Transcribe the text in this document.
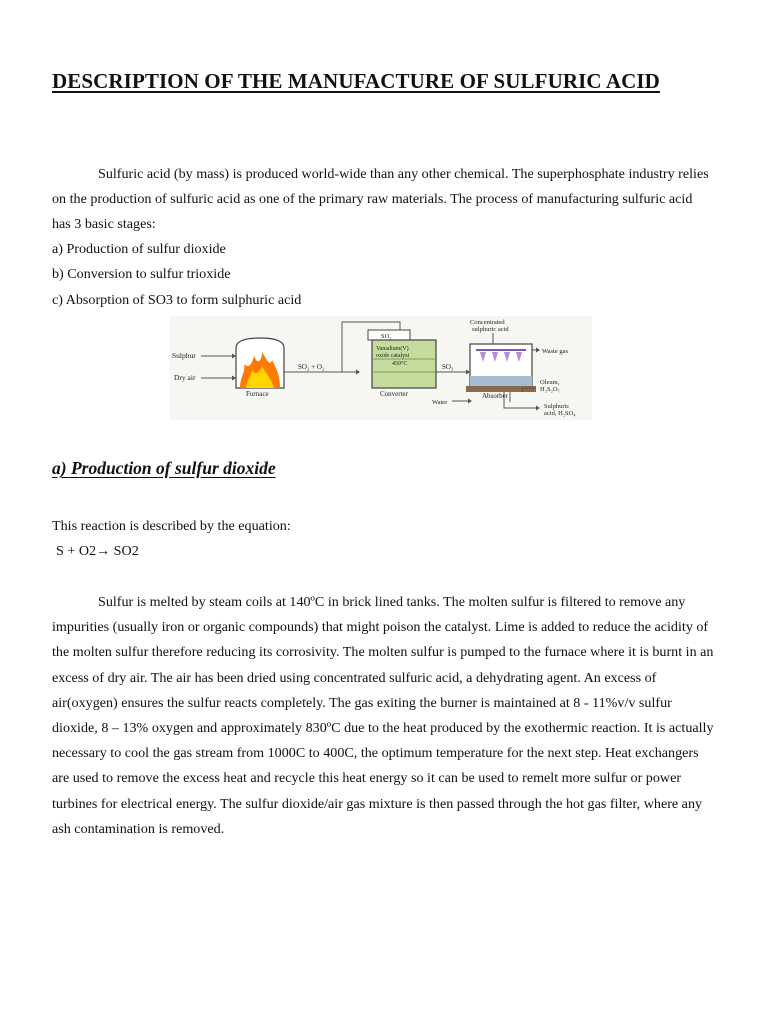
DESCRIPTION OF THE MANUFACTURE OF SULFURIC ACID

Sulfuric acid (by mass) is produced world-wide than any other chemical. The superphosphate industry relies on the production of sulfuric acid as one of the primary raw materials. The process of manufacturing sulfuric acid has 3 basic stages:

a) Production of sulfur dioxide

b) Conversion to sulfur trioxide

c) Absorption of SO3 to form sulphuric acid

Sulphur
Dry air
Furnace
SO₂ + O₂
SO₂
Vanadium(V)
oxide catalyst
450°C
Converter
SO₃
Concentrated
sulphuric acid
Waste gas
Absorber
Water
Oleum,
H₂S₂O₇
Sulphuric
acid, H₂SO₄
a) Production of sulfur dioxide

This reaction is described by the equation:

S + O2→ SO2

Sulfur is melted by steam coils at 140ºC in brick lined tanks. The molten sulfur is filtered to remove any impurities (usually iron or organic compounds) that might poison the catalyst. Lime is added to reduce the acidity of the molten sulfur therefore reducing its corrosivity. The molten sulfur is pumped to the furnace where it is burnt in an excess of dry air. The air has been dried using concentrated sulfuric acid, a dehydrating agent. An excess of air(oxygen) ensures the sulfur reacts completely. The gas exiting the burner is maintained at 8 - 11%v/v sulfur dioxide, 8 – 13% oxygen and approximately 830ºC due to the heat produced by the exothermic reaction. It is actually necessary to cool the gas stream from 1000C to 400C, the optimum temperature for the next step. Heat exchangers are used to remove the excess heat and recycle this heat energy so it can be used to remelt more sulfur or power turbines for electrical energy. The sulfur dioxide/air gas mixture is then passed through the hot gas filter, where any ash contamination is removed.
